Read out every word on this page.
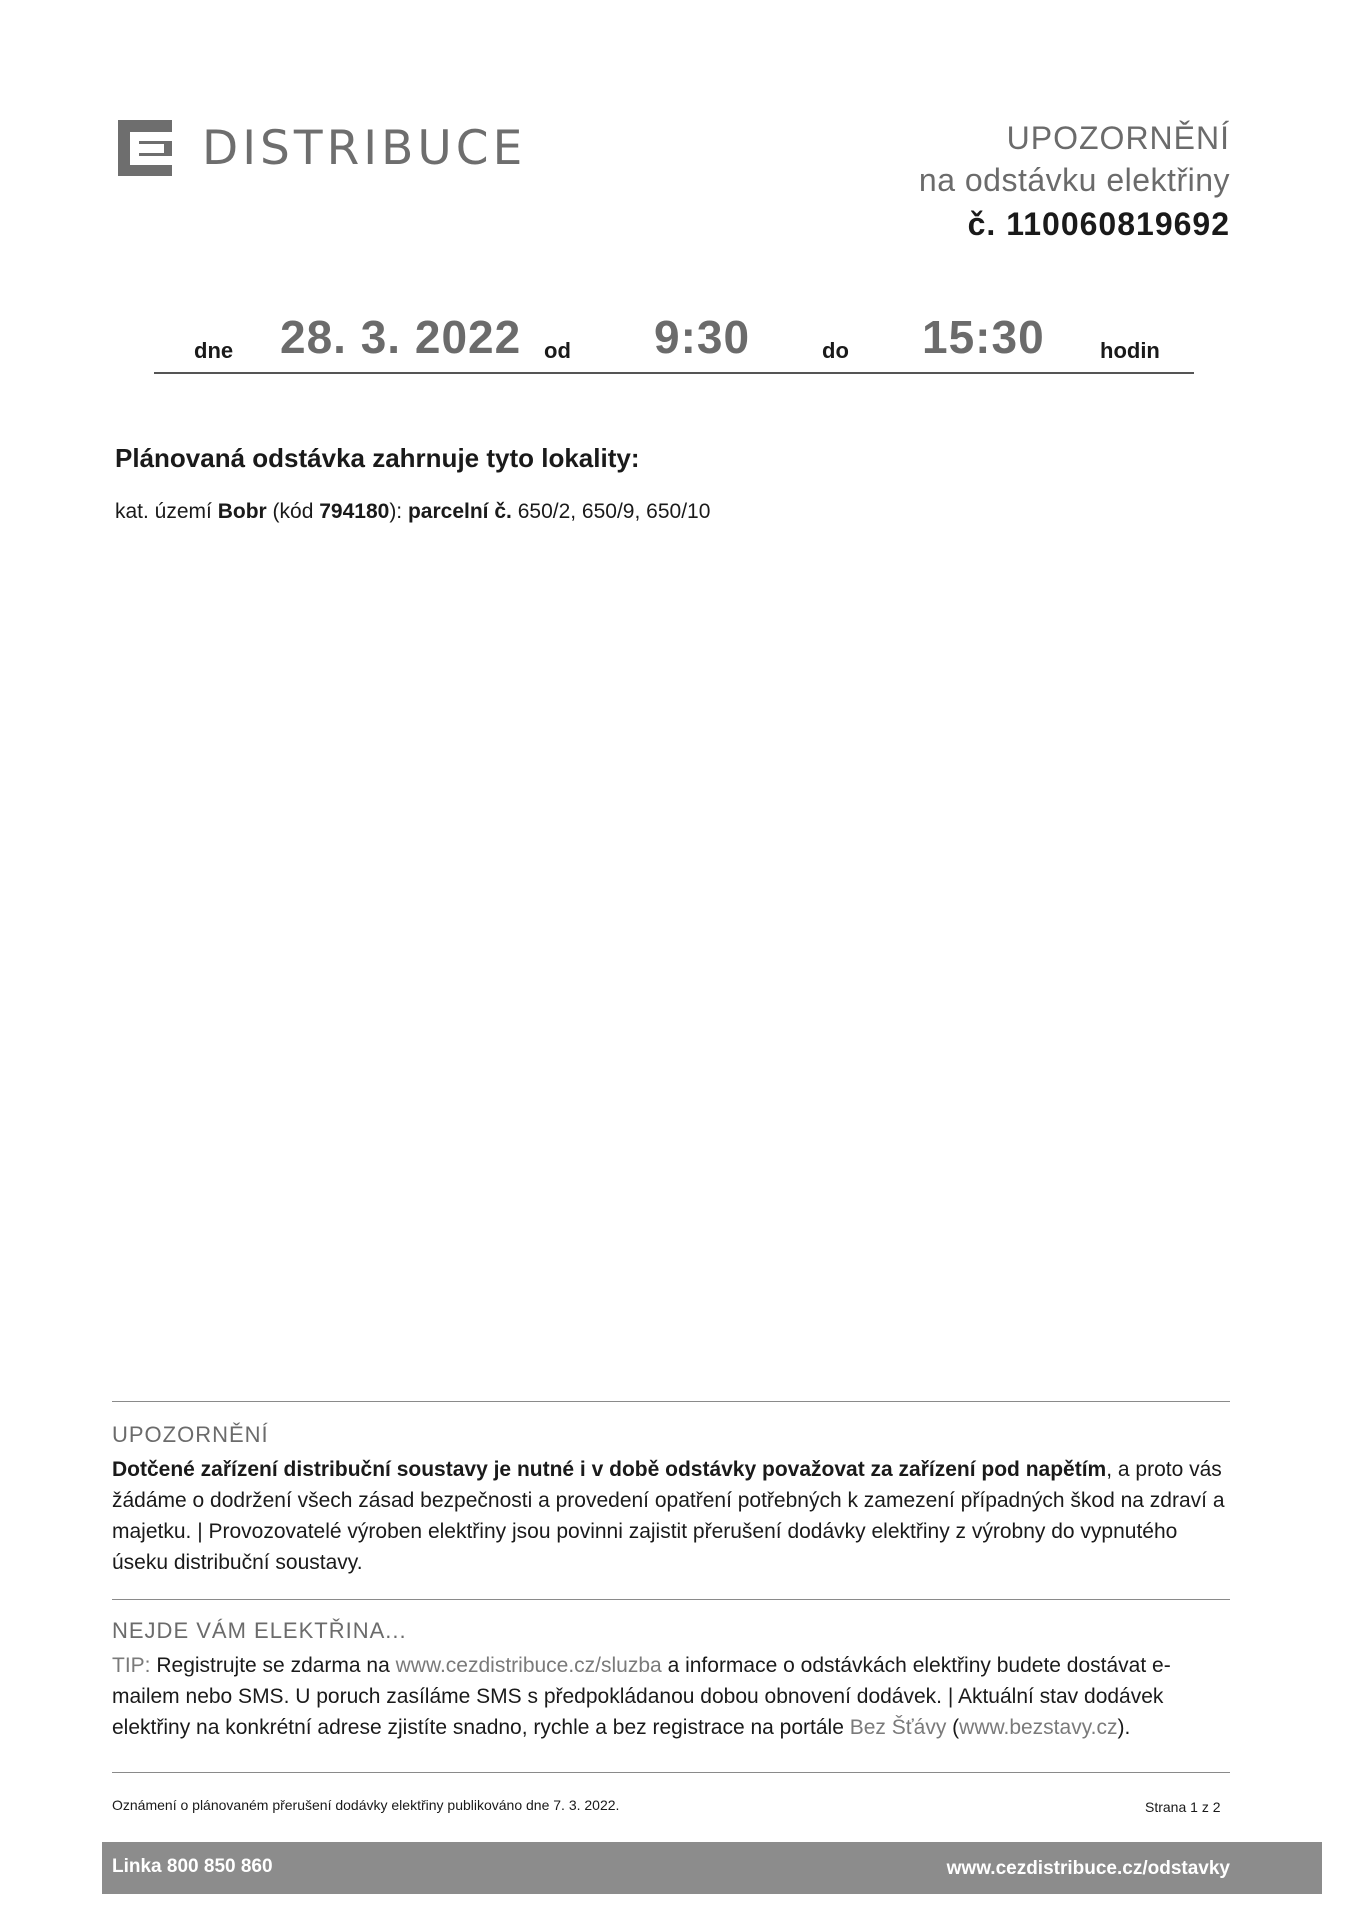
DISTRIBUCE	UPOZORNĚNÍ
na odstávku elektřiny
č. 110060819692
dne 28. 3. 2022 od 9:30	do 15:30	hodin
Plánovaná odstávka zahrnuje tyto lokality:
kat. území Bobr (kód 794180): parcelní č. 650/2, 650/9, 650/10
UPOZORNĚNÍ
Dotčené zařízení distribuční soustavy je nutné i v době odstávky považovat za zařízení pod napětím, a proto vás žádáme o dodržení všech zásad bezpečnosti a provedení opatření potřebných k zamezení případných škod na zdraví a majetku. | Provozovatelé výroben elektřiny jsou povinni zajistit přerušení dodávky elektřiny z výrobny do vypnutého úseku distribuční soustavy.
NEJDE VÁM ELEKTŘINA...
TIP: Registrujte se zdarma na www.cezdistribuce.cz/sluzba a informace o odstávkách elektřiny budete dostávat e-mailem nebo SMS. U poruch zasíláme SMS s předpokládanou dobou obnovení dodávek. | Aktuální stav dodávek elektřiny na konkrétní adrese zjistíte snadno, rychle a bez registrace na portále Bez Šťávy (www.bezstavy.cz).
Oznámení o plánovaném přerušení dodávky elektřiny publikováno dne 7. 3. 2022.	Strana 1 z 2
Linka 800 850 860	www.cezdistribuce.cz/odstavky
